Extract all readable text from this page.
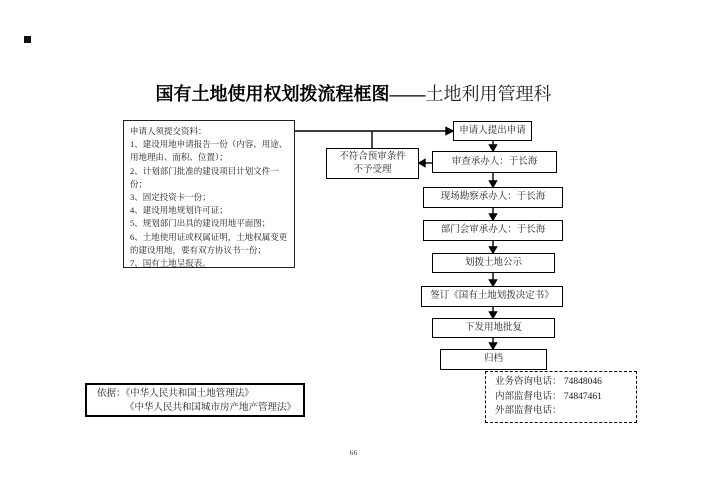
国有土地使用权划拨流程框图——土地利用管理科
申请人须提交资料：
1、建设用地申请报告一份（内容、用途、用地理由、面积、位置）；
2、计划部门批准的建设项目计划文件一份；
3、固定投资卡一份；
4、建设用地规划许可证；
5、规划部门出具的建设用地平面图；
6、土地使用证或权属证明，土地权属变更的建设用地，要有双方协议书一份；
7、国有土地呈报表。
申请人提出申请
审查承办人：于长海
不符合预审条件
不予受理
现场勘察承办人：于长海
部门会审承办人：于长海
划拨土地公示
签订《国有土地划拨决定书》
下发用地批复
归档
依据：《中华人民共和国土地管理法》
《中华人民共和国城市房产地产管理法》
业务咨询电话： 74848046
内部监督电话： 74847461
外部监督电话：
66
